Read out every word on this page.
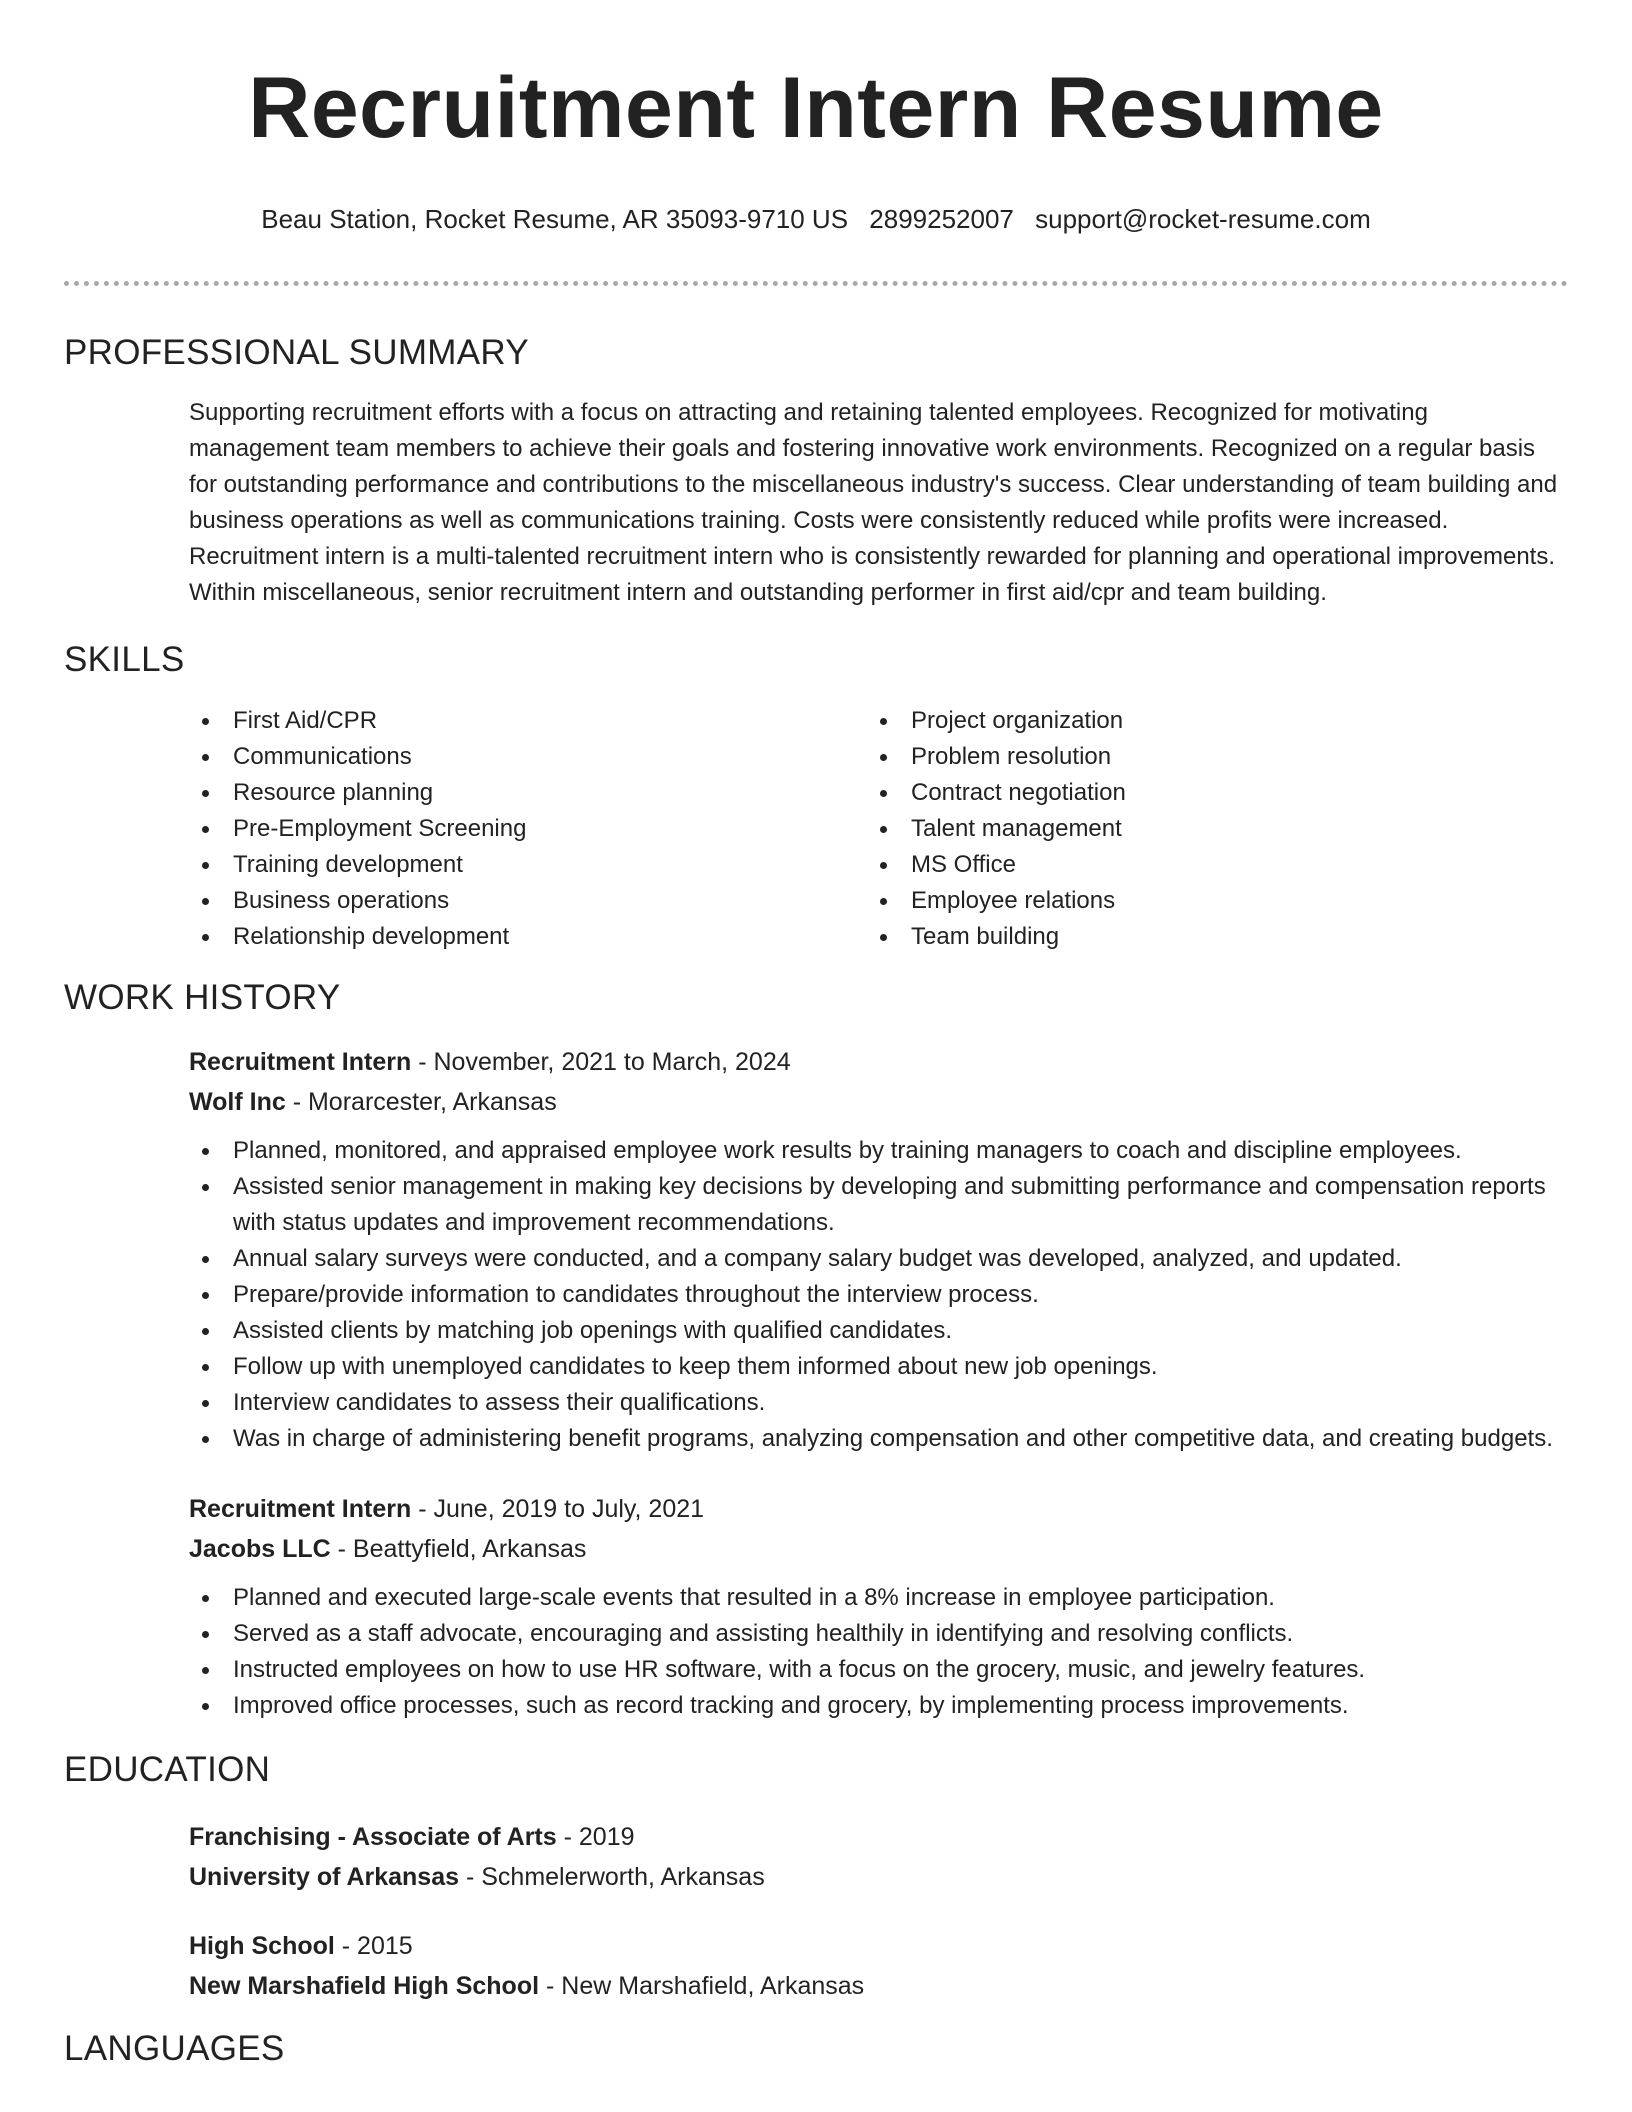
Recruitment Intern Resume
Beau Station, Rocket Resume, AR 35093-9710 US 2899252007 support@rocket-resume.com
PROFESSIONAL SUMMARY

Supporting recruitment efforts with a focus on attracting and retaining talented employees. Recognized for motivating management team members to achieve their goals and fostering innovative work environments. Recognized on a regular basis for outstanding performance and contributions to the miscellaneous industry's success. Clear understanding of team building and business operations as well as communications training. Costs were consistently reduced while profits were increased. Recruitment intern is a multi-talented recruitment intern who is consistently rewarded for planning and operational improvements. Within miscellaneous, senior recruitment intern and outstanding performer in first aid/cpr and team building.

SKILLS
First Aid/CPR
Communications
Resource planning
Pre-Employment Screening
Training development
Business operations
Relationship development
Project organization
Problem resolution
Contract negotiation
Talent management
MS Office
Employee relations
Team building
WORK HISTORY
Recruitment Intern - November, 2021 to March, 2024
Wolf Inc - Morarcester, Arkansas
Planned, monitored, and appraised employee work results by training managers to coach and discipline employees.
Assisted senior management in making key decisions by developing and submitting performance and compensation reports with status updates and improvement recommendations.
Annual salary surveys were conducted, and a company salary budget was developed, analyzed, and updated.
Prepare/provide information to candidates throughout the interview process.
Assisted clients by matching job openings with qualified candidates.
Follow up with unemployed candidates to keep them informed about new job openings.
Interview candidates to assess their qualifications.
Was in charge of administering benefit programs, analyzing compensation and other competitive data, and creating budgets.
Recruitment Intern - June, 2019 to July, 2021
Jacobs LLC - Beattyfield, Arkansas
Planned and executed large-scale events that resulted in a 8% increase in employee participation.
Served as a staff advocate, encouraging and assisting healthily in identifying and resolving conflicts.
Instructed employees on how to use HR software, with a focus on the grocery, music, and jewelry features.
Improved office processes, such as record tracking and grocery, by implementing process improvements.
EDUCATION
Franchising - Associate of Arts - 2019
University of Arkansas - Schmelerworth, Arkansas
High School - 2015
New Marshafield High School - New Marshafield, Arkansas
LANGUAGES
